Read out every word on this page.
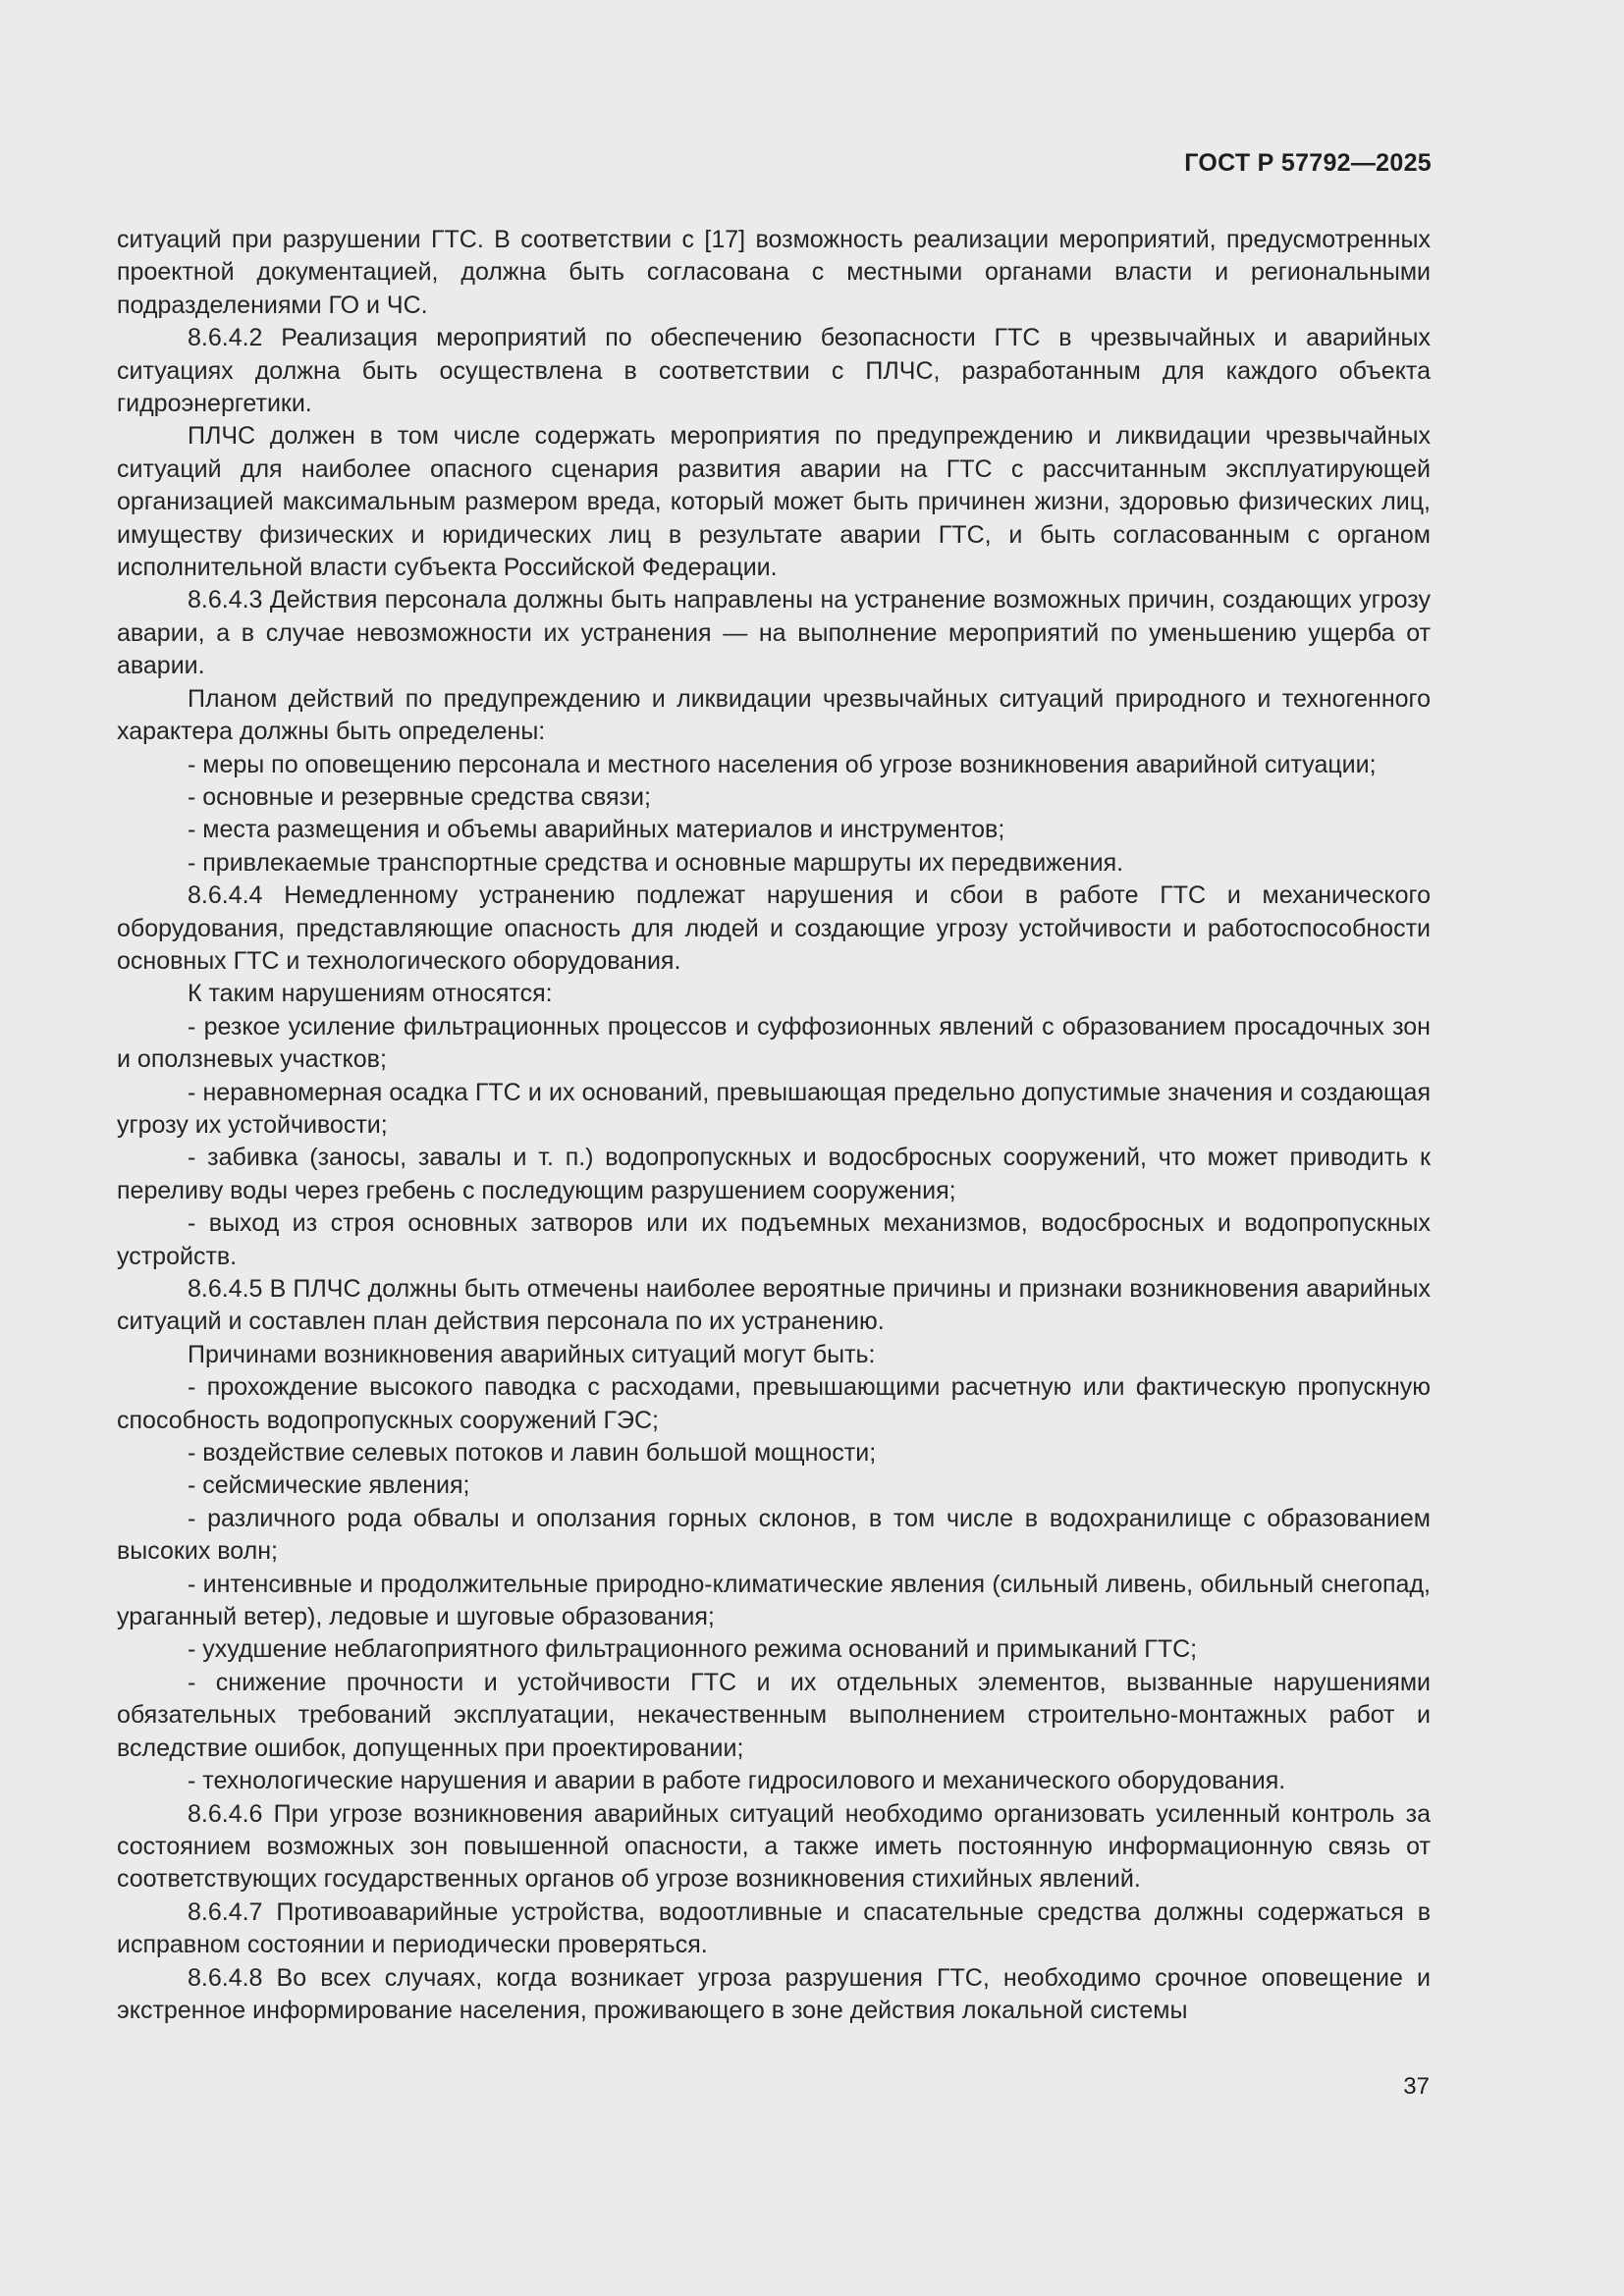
ГОСТ Р 57792—2025

ситуаций при разрушении ГТС. В соответствии с [17] возможность реализации мероприятий, предусмотренных проектной документацией, должна быть согласована с местными органами власти и региональными подразделениями ГО и ЧС.

8.6.4.2 Реализация мероприятий по обеспечению безопасности ГТС в чрезвычайных и аварийных ситуациях должна быть осуществлена в соответствии с ПЛЧС, разработанным для каждого объекта гидроэнергетики.

ПЛЧС должен в том числе содержать мероприятия по предупреждению и ликвидации чрезвычайных ситуаций для наиболее опасного сценария развития аварии на ГТС с рассчитанным эксплуатирующей организацией максимальным размером вреда, который может быть причинен жизни, здоровью физических лиц, имуществу физических и юридических лиц в результате аварии ГТС, и быть согласованным с органом исполнительной власти субъекта Российской Федерации.

8.6.4.3 Действия персонала должны быть направлены на устранение возможных причин, создающих угрозу аварии, а в случае невозможности их устранения — на выполнение мероприятий по уменьшению ущерба от аварии.

Планом действий по предупреждению и ликвидации чрезвычайных ситуаций природного и техногенного характера должны быть определены:

- меры по оповещению персонала и местного населения об угрозе возникновения аварийной ситуации;

- основные и резервные средства связи;

- места размещения и объемы аварийных материалов и инструментов;

- привлекаемые транспортные средства и основные маршруты их передвижения.

8.6.4.4 Немедленному устранению подлежат нарушения и сбои в работе ГТС и механического оборудования, представляющие опасность для людей и создающие угрозу устойчивости и работоспособности основных ГТС и технологического оборудования.

К таким нарушениям относятся:

- резкое усиление фильтрационных процессов и суффозионных явлений с образованием просадочных зон и оползневых участков;

- неравномерная осадка ГТС и их оснований, превышающая предельно допустимые значения и создающая угрозу их устойчивости;

- забивка (заносы, завалы и т. п.) водопропускных и водосбросных сооружений, что может приводить к переливу воды через гребень с последующим разрушением сооружения;

- выход из строя основных затворов или их подъемных механизмов, водосбросных и водопропускных устройств.

8.6.4.5 В ПЛЧС должны быть отмечены наиболее вероятные причины и признаки возникновения аварийных ситуаций и составлен план действия персонала по их устранению.

Причинами возникновения аварийных ситуаций могут быть:

- прохождение высокого паводка с расходами, превышающими расчетную или фактическую пропускную способность водопропускных сооружений ГЭС;

- воздействие селевых потоков и лавин большой мощности;

- сейсмические явления;

- различного рода обвалы и оползания горных склонов, в том числе в водохранилище с образованием высоких волн;

- интенсивные и продолжительные природно-климатические явления (сильный ливень, обильный снегопад, ураганный ветер), ледовые и шуговые образования;

- ухудшение неблагоприятного фильтрационного режима оснований и примыканий ГТС;

- снижение прочности и устойчивости ГТС и их отдельных элементов, вызванные нарушениями обязательных требований эксплуатации, некачественным выполнением строительно-монтажных работ и вследствие ошибок, допущенных при проектировании;

- технологические нарушения и аварии в работе гидросилового и механического оборудования.

8.6.4.6 При угрозе возникновения аварийных ситуаций необходимо организовать усиленный контроль за состоянием возможных зон повышенной опасности, а также иметь постоянную информационную связь от соответствующих государственных органов об угрозе возникновения стихийных явлений.

8.6.4.7 Противоаварийные устройства, водоотливные и спасательные средства должны содержаться в исправном состоянии и периодически проверяться.

8.6.4.8 Во всех случаях, когда возникает угроза разрушения ГТС, необходимо срочное оповещение и экстренное информирование населения, проживающего в зоне действия локальной системы

37
